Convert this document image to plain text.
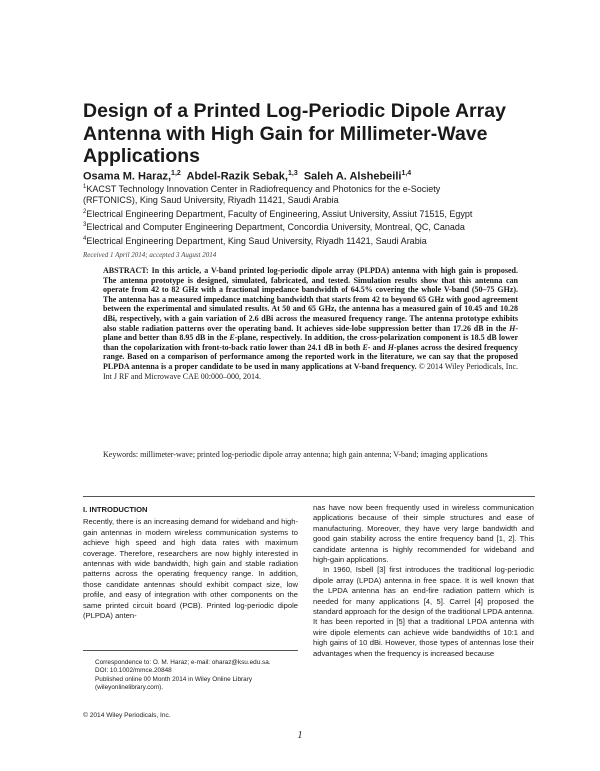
Design of a Printed Log-Periodic Dipole Array Antenna with High Gain for Millimeter-Wave Applications
Osama M. Haraz,$^{1,2}$ Abdel-Razik Sebak,$^{1,3}$ Saleh A. Alshebeili$^{1,4}$
$^1$KACST Technology Innovation Center in Radiofrequency and Photonics for the e-Society
(RFTONICS), King Saud University, Riyadh 11421, Saudi Arabia
$^2$Electrical Engineering Department, Faculty of Engineering, Assiut University, Assiut 71515, Egypt
$^3$Electrical and Computer Engineering Department, Concordia University, Montreal, QC, Canada
$^4$Electrical Engineering Department, King Saud University, Riyadh 11421, Saudi Arabia
Received 1 April 2014; accepted 3 August 2014
ABSTRACT: In this article, a V-band printed log-periodic dipole array (PLPDA) antenna with high gain is proposed. The antenna prototype is designed, simulated, fabricated, and tested. Simulation results show that this antenna can operate from 42 to 82 GHz with a fractional impedance bandwidth of 64.5% covering the whole V-band (50–75 GHz). The antenna has a measured impedance matching bandwidth that starts from 42 to beyond 65 GHz with good agreement between the experimental and simulated results. At 50 and 65 GHz, the antenna has a measured gain of 10.45 and 10.28 dBi, respectively, with a gain variation of 2.6 dBi across the measured frequency range. The antenna prototype exhibits also stable radiation patterns over the operating band. It achieves side-lobe suppression better than 17.26 dB in the H-plane and better than 8.95 dB in the E-plane, respectively. In addition, the cross-polarization component is 18.5 dB lower than the copolarization with front-to-back ratio lower than 24.1 dB in both E- and H-planes across the desired frequency range. Based on a comparison of performance among the reported work in the literature, we can say that the proposed PLPDA antenna is a proper candidate to be used in many applications at V-band frequency. © 2014 Wiley Periodicals, Inc. Int J RF and Microwave CAE 00:000–000, 2014.
Keywords: millimeter-wave; printed log-periodic dipole array antenna; high gain antenna; V-band; imaging applications
I. INTRODUCTION

Recently, there is an increasing demand for wideband and high-gain antennas in modern wireless communication systems to achieve high speed and high data rates with maximum coverage. Therefore, researchers are now highly interested in antennas with wide bandwidth, high gain and stable radiation patterns across the operating frequency range. In addition, those candidate antennas should exhibit compact size, low profile, and easy of integration with other components on the same printed circuit board (PCB). Printed log-periodic dipole (PLPDA) anten-

nas have now been frequently used in wireless communication applications because of their simple structures and ease of manufacturing. Moreover, they have very large bandwidth and good gain stability across the entire frequency band [1, 2]. This candidate antenna is highly recommended for wideband and high-gain applications.

In 1960, Isbell [3] first introduces the traditional log-periodic dipole array (LPDA) antenna in free space. It is well known that the LPDA antenna has an end-fire radiation pattern which is needed for many applications [4, 5]. Carrel [4] proposed the standard approach for the design of the traditional LPDA antenna. It has been reported in [5] that a traditional LPDA antenna with wire dipole elements can achieve wide bandwidths of 10:1 and high gains of 10 dBi. However, those types of antennas lose their advantages when the frequency is increased because

Correspondence to: O. M. Haraz; e-mail: oharaz@ksu.edu.sa.
DOI: 10.1002/mmce.20848
Published online 00 Month 2014 in Wiley Online Library (wileyonlinelibrary.com).
© 2014 Wiley Periodicals, Inc.
1
